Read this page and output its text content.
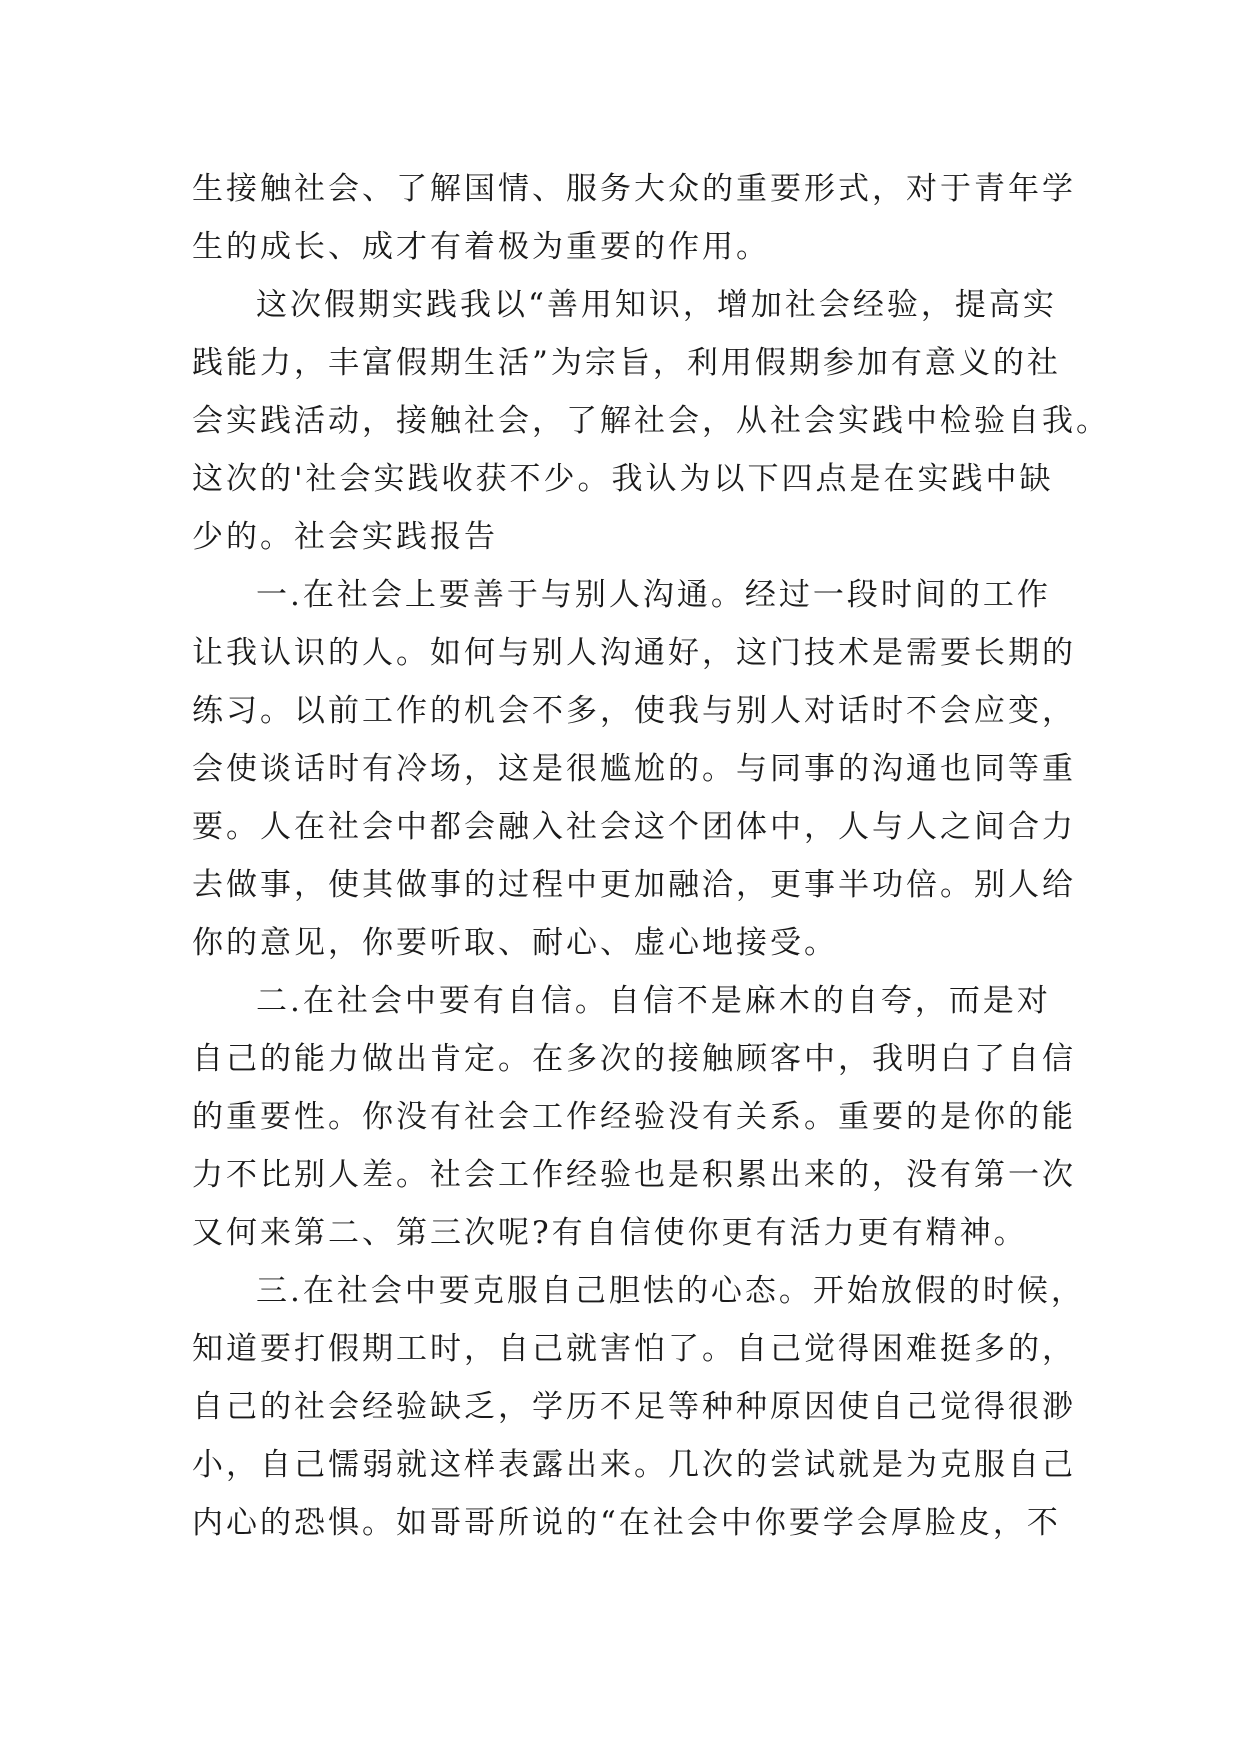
生接触社会、了解国情、服务大众的重要形式，对于青年学
生的成长、成才有着极为重要的作用。
这次假期实践我以“善用知识，增加社会经验，提高实
践能力，丰富假期生活”为宗旨，利用假期参加有意义的社
会实践活动，接触社会，了解社会，从社会实践中检验自我。
这次的'社会实践收获不少。我认为以下四点是在实践中缺
少的。社会实践报告
一.在社会上要善于与别人沟通。经过一段时间的工作
让我认识的人。如何与别人沟通好，这门技术是需要长期的
练习。以前工作的机会不多，使我与别人对话时不会应变，
会使谈话时有冷场，这是很尴尬的。与同事的沟通也同等重
要。人在社会中都会融入社会这个团体中，人与人之间合力
去做事，使其做事的过程中更加融洽，更事半功倍。别人给
你的意见，你要听取、耐心、虚心地接受。
二.在社会中要有自信。自信不是麻木的自夸，而是对
自己的能力做出肯定。在多次的接触顾客中，我明白了自信
的重要性。你没有社会工作经验没有关系。重要的是你的能
力不比别人差。社会工作经验也是积累出来的，没有第一次
又何来第二、第三次呢?有自信使你更有活力更有精神。
三.在社会中要克服自己胆怯的心态。开始放假的时候，
知道要打假期工时，自己就害怕了。自己觉得困难挺多的，
自己的社会经验缺乏，学历不足等种种原因使自己觉得很渺
小，自己懦弱就这样表露出来。几次的尝试就是为克服自己
内心的恐惧。如哥哥所说的“在社会中你要学会厚脸皮，不
